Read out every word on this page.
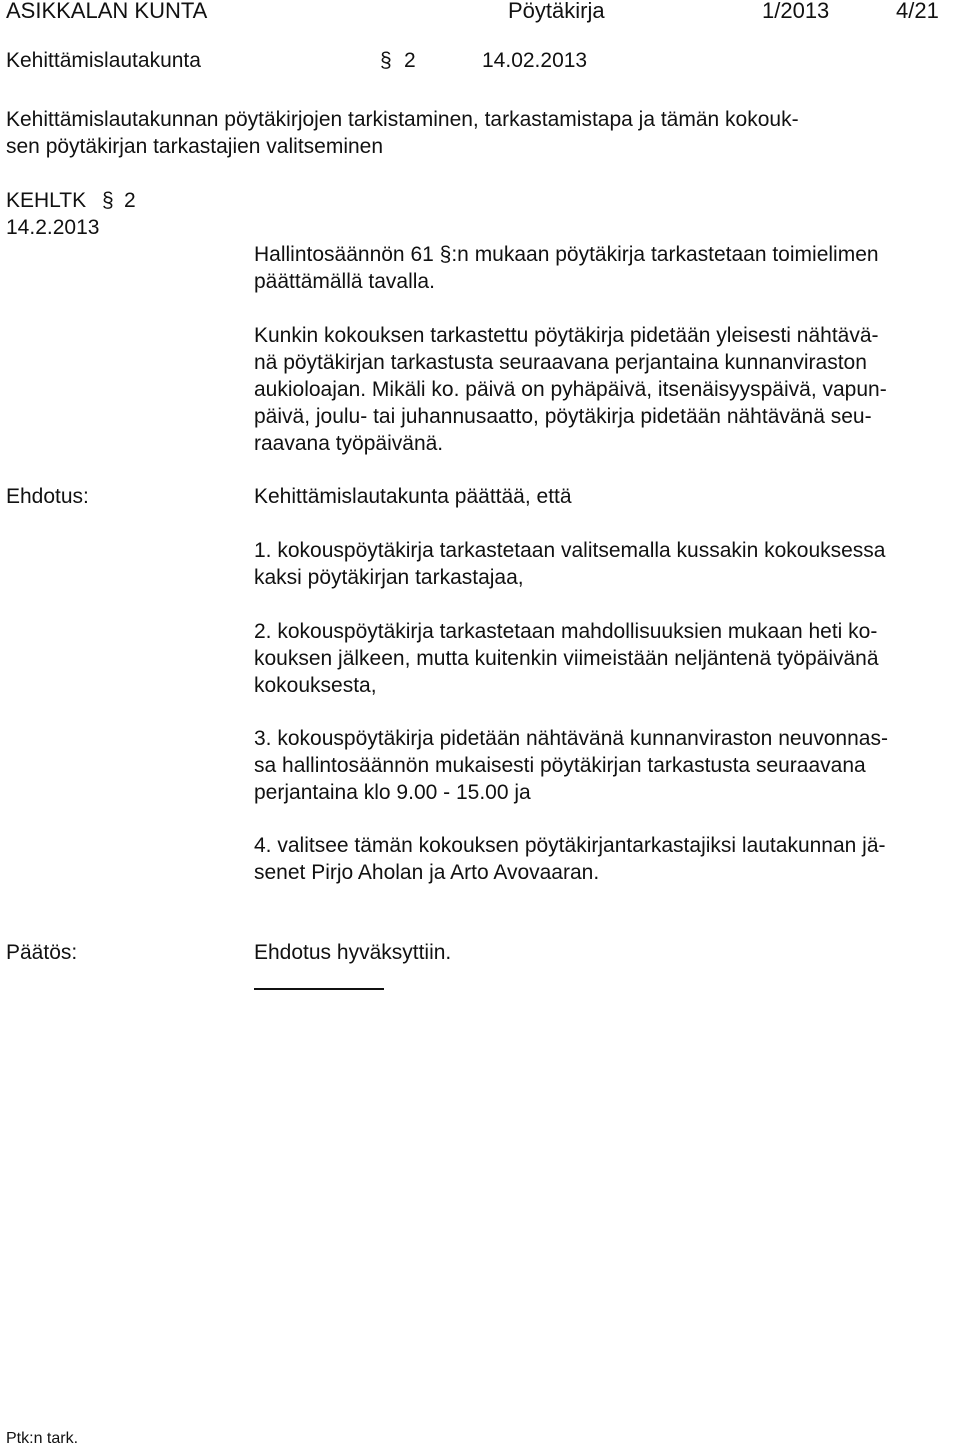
ASIKKALAN KUNTA	Pöytäkirja	1/2013	4/21
Kehittämislautakunta	§ 2	14.02.2013
Kehittämislautakunnan pöytäkirjojen tarkistaminen, tarkastamistapa ja tämän kokouk-
sen pöytäkirjan tarkastajien valitseminen
KEHLTK § 2
14.2.2013
Hallintosäännön 61 §:n mukaan pöytäkirja tarkastetaan toimielimen
päättämällä tavalla.
Kunkin kokouksen tarkastettu pöytäkirja pidetään yleisesti nähtävä-
nä pöytäkirjan tarkastusta seuraavana perjantaina kunnanviraston
aukioloajan. Mikäli ko. päivä on pyhäpäivä, itsenäisyyspäivä, vapun-
päivä, joulu- tai juhannusaatto, pöytäkirja pidetään nähtävänä seu-
raavana työpäivänä.
Ehdotus:	Kehittämislautakunta päättää, että
1. kokouspöytäkirja tarkastetaan valitsemalla kussakin kokouksessa
kaksi pöytäkirjan tarkastajaa,
2. kokouspöytäkirja tarkastetaan mahdollisuuksien mukaan heti ko-
kouksen jälkeen, mutta kuitenkin viimeistään neljäntenä työpäivänä
kokouksesta,
3. kokouspöytäkirja pidetään nähtävänä kunnanviraston neuvonnas-
sa hallintosäännön mukaisesti pöytäkirjan tarkastusta seuraavana
perjantaina klo 9.00 - 15.00 ja
4. valitsee tämän kokouksen pöytäkirjantarkastajiksi lautakunnan jä-
senet Pirjo Aholan ja Arto Avovaaran.
Päätös:	Ehdotus hyväksyttiin.
Ptk:n tark.
